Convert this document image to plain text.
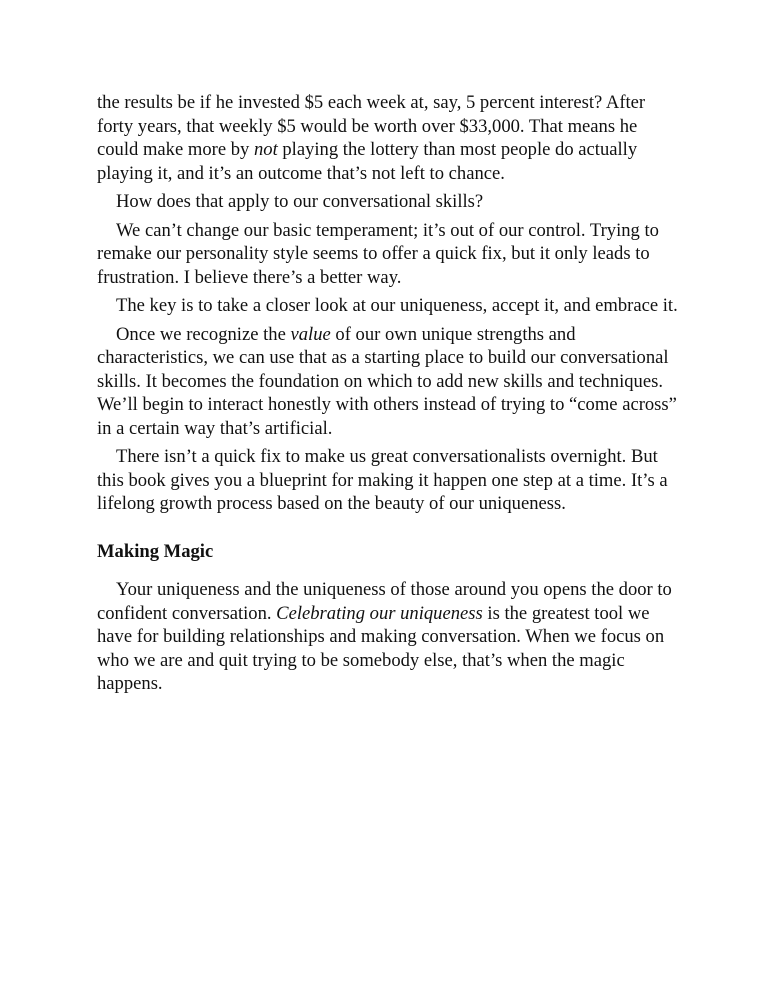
the results be if he invested $5 each week at, say, 5 percent interest? After forty years, that weekly $5 would be worth over $33,000. That means he could make more by not playing the lottery than most people do actually playing it, and it’s an outcome that’s not left to chance.

How does that apply to our conversational skills?

We can’t change our basic temperament; it’s out of our control. Trying to remake our personality style seems to offer a quick fix, but it only leads to frustration. I believe there’s a better way.

The key is to take a closer look at our uniqueness, accept it, and embrace it.

Once we recognize the value of our own unique strengths and characteristics, we can use that as a starting place to build our conversational skills. It becomes the foundation on which to add new skills and techniques. We’ll begin to interact honestly with others instead of trying to “come across” in a certain way that’s artificial.

There isn’t a quick fix to make us great conversationalists overnight. But this book gives you a blueprint for making it happen one step at a time. It’s a lifelong growth process based on the beauty of our uniqueness.

Making Magic

Your uniqueness and the uniqueness of those around you opens the door to confident conversation. Celebrating our uniqueness is the greatest tool we have for building relationships and making conversation. When we focus on who we are and quit trying to be somebody else, that’s when the magic happens.
